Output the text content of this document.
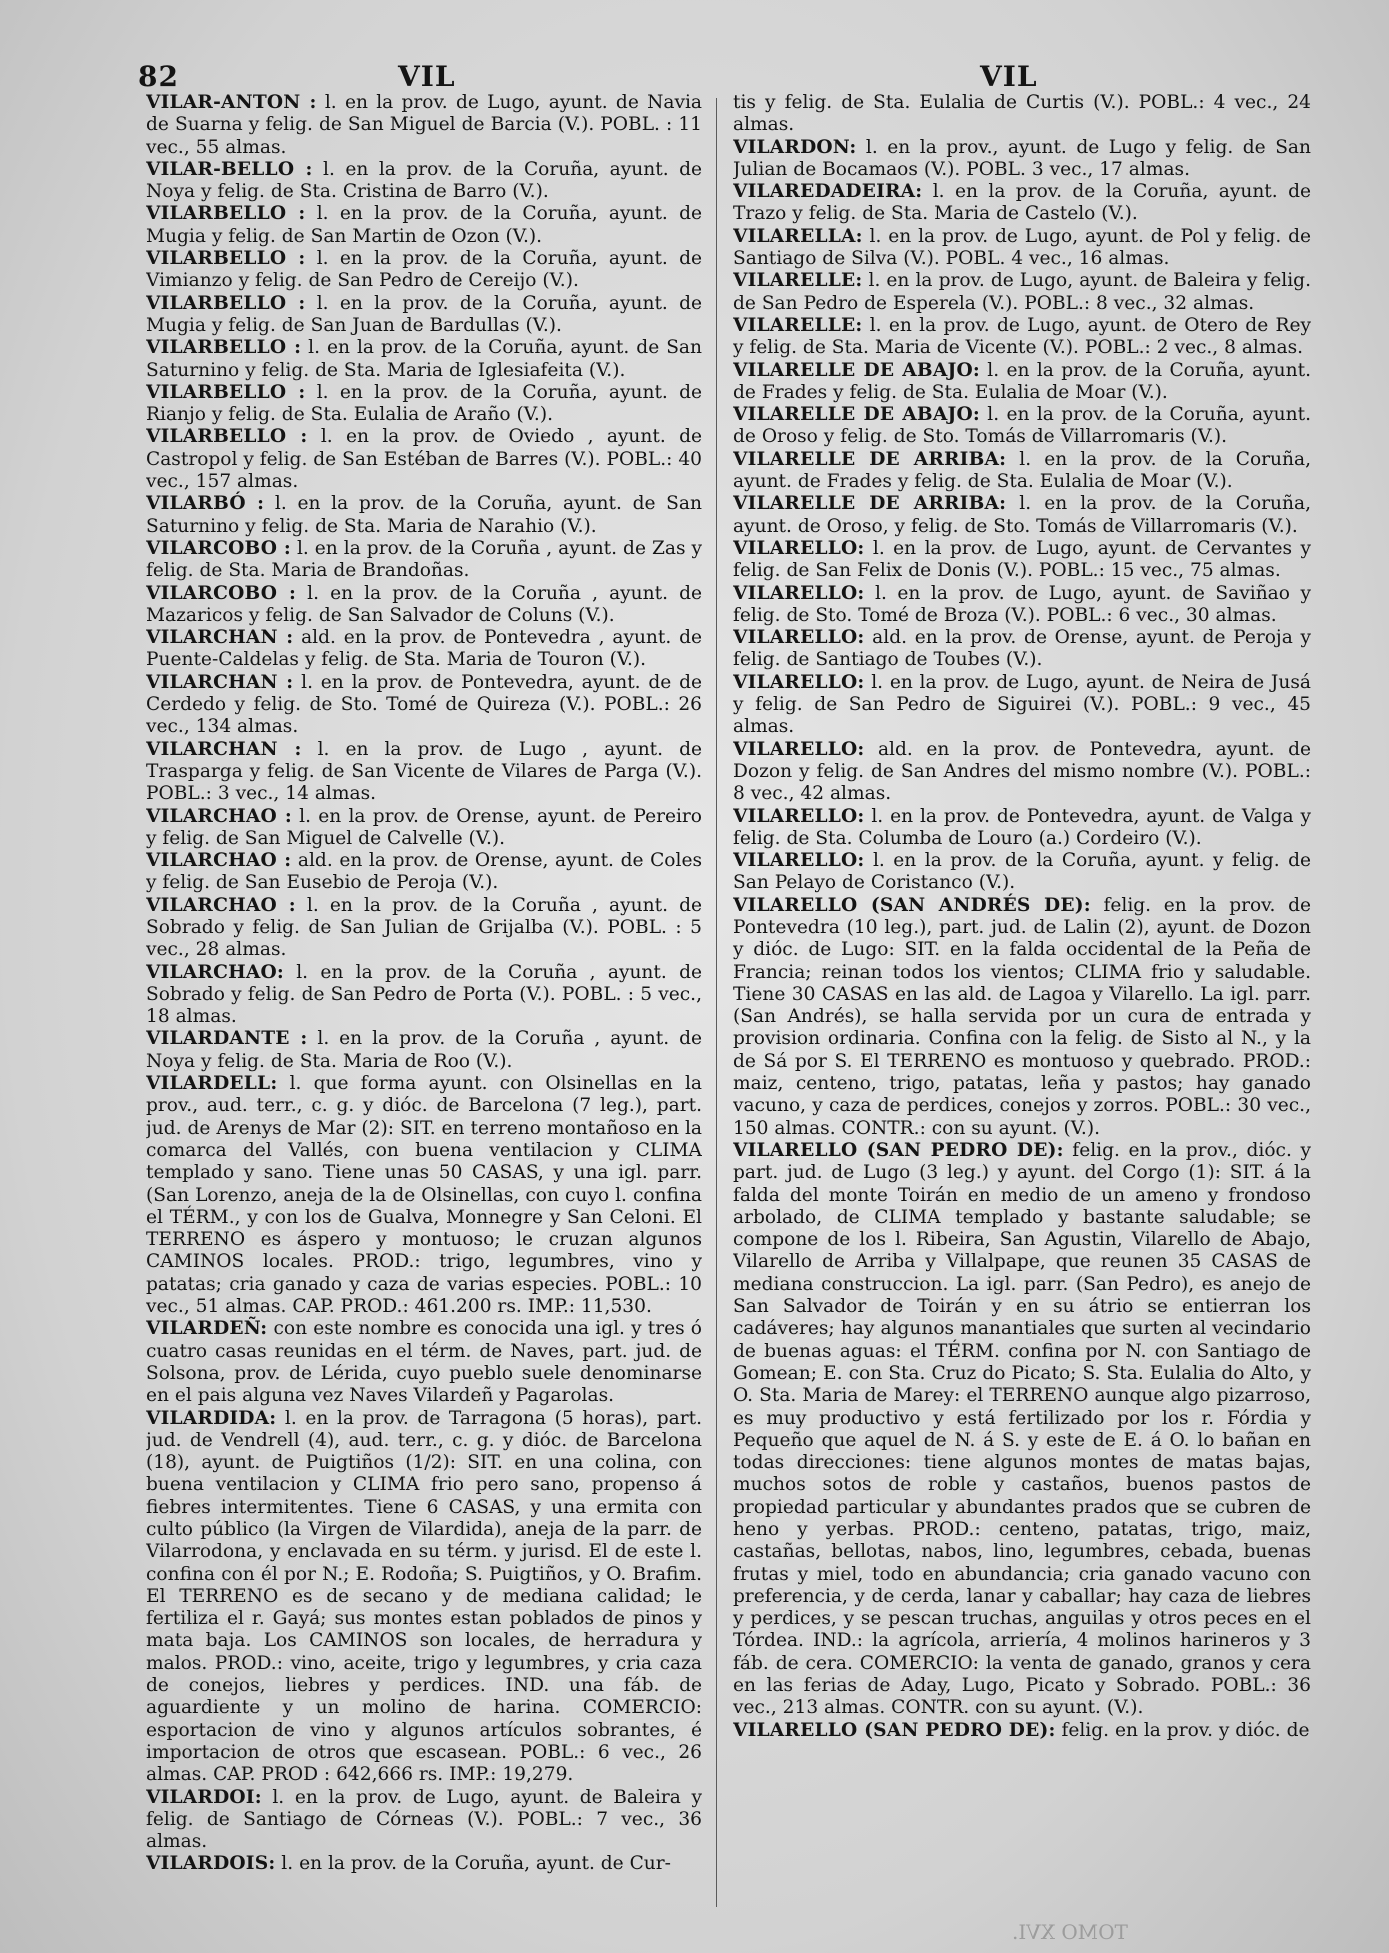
82	VIL	VIL

VILAR-ANTON : l. en la prov. de Lugo, ayunt. de Navia de Suarna y felig. de San Miguel de Barcia (V.). POBL. : 11 vec., 55 almas.

VILAR-BELLO : l. en la prov. de la Coruña, ayunt. de Noya y felig. de Sta. Cristina de Barro (V.).

VILARBELLO : l. en la prov. de la Coruña, ayunt. de Mugia y felig. de San Martin de Ozon (V.).

VILARBELLO : l. en la prov. de la Coruña, ayunt. de Vimianzo y felig. de San Pedro de Cereijo (V.).

VILARBELLO : l. en la prov. de la Coruña, ayunt. de Mugia y felig. de San Juan de Bardullas (V.).

VILARBELLO : l. en la prov. de la Coruña, ayunt. de San Saturnino y felig. de Sta. Maria de Iglesiafeita (V.).

VILARBELLO : l. en la prov. de la Coruña, ayunt. de Rianjo y felig. de Sta. Eulalia de Araño (V.).

VILARBELLO : l. en la prov. de Oviedo , ayunt. de Castropol y felig. de San Estéban de Barres (V.). POBL.: 40 vec., 157 almas.

VILARBÓ : l. en la prov. de la Coruña, ayunt. de San Saturnino y felig. de Sta. Maria de Narahio (V.).

VILARCOBO : l. en la prov. de la Coruña , ayunt. de Zas y felig. de Sta. Maria de Brandoñas.

VILARCOBO : l. en la prov. de la Coruña , ayunt. de Mazaricos y felig. de San Salvador de Coluns (V.).

VILARCHAN : ald. en la prov. de Pontevedra , ayunt. de Puente-Caldelas y felig. de Sta. Maria de Touron (V.).

VILARCHAN : l. en la prov. de Pontevedra, ayunt. de de Cerdedo y felig. de Sto. Tomé de Quireza (V.). POBL.: 26 vec., 134 almas.

VILARCHAN : l. en la prov. de Lugo , ayunt. de Trasparga y felig. de San Vicente de Vilares de Parga (V.). POBL.: 3 vec., 14 almas.

VILARCHAO : l. en la prov. de Orense, ayunt. de Pereiro y felig. de San Miguel de Calvelle (V.).

VILARCHAO : ald. en la prov. de Orense, ayunt. de Coles y felig. de San Eusebio de Peroja (V.).

VILARCHAO : l. en la prov. de la Coruña , ayunt. de Sobrado y felig. de San Julian de Grijalba (V.). POBL. : 5 vec., 28 almas.

VILARCHAO: l. en la prov. de la Coruña , ayunt. de Sobrado y felig. de San Pedro de Porta (V.). POBL. : 5 vec., 18 almas.

VILARDANTE : l. en la prov. de la Coruña , ayunt. de Noya y felig. de Sta. Maria de Roo (V.).

VILARDELL: l. que forma ayunt. con Olsinellas en la prov., aud. terr., c. g. y dióc. de Barcelona (7 leg.), part. jud. de Arenys de Mar (2): SIT. en terreno montañoso en la comarca del Vallés, con buena ventilacion y CLIMA templado y sano. Tiene unas 50 CASAS, y una igl. parr. (San Lorenzo, aneja de la de Olsinellas, con cuyo l. confina el TÉRM., y con los de Gualva, Monnegre y San Celoni. El TERRENO es áspero y montuoso; le cruzan algunos CAMINOS locales. PROD.: trigo, legumbres, vino y patatas; cria ganado y caza de varias especies. POBL.: 10 vec., 51 almas. CAP. PROD.: 461.200 rs. IMP.: 11,530.

VILARDEÑ: con este nombre es conocida una igl. y tres ó cuatro casas reunidas en el térm. de Naves, part. jud. de Solsona, prov. de Lérida, cuyo pueblo suele denominarse en el pais alguna vez Naves Vilardeñ y Pagarolas.

VILARDIDA: l. en la prov. de Tarragona (5 horas), part. jud. de Vendrell (4), aud. terr., c. g. y dióc. de Barcelona (18), ayunt. de Puigtiños (1/2): SIT. en una colina, con buena ventilacion y CLIMA frio pero sano, propenso á fiebres intermitentes. Tiene 6 CASAS, y una ermita con culto público (la Virgen de Vilardida), aneja de la parr. de Vilarrodona, y enclavada en su térm. y jurisd. El de este l. confina con él por N.; E. Rodoña; S. Puigtiños, y O. Brafim. El TERRENO es de secano y de mediana calidad; le fertiliza el r. Gayá; sus montes estan poblados de pinos y mata baja. Los CAMINOS son locales, de herradura y malos. PROD.: vino, aceite, trigo y legumbres, y cria caza de conejos, liebres y perdices. IND. una fáb. de aguardiente y un molino de harina. COMERCIO: esportacion de vino y algunos artículos sobrantes, é importacion de otros que escasean. POBL.: 6 vec., 26 almas. CAP. PROD : 642,666 rs. IMP.: 19,279.

VILARDOI: l. en la prov. de Lugo, ayunt. de Baleira y felig. de Santiago de Córneas (V.). POBL.: 7 vec., 36 almas.

VILARDOIS: l. en la prov. de la Coruña, ayunt. de Cur-

tis y felig. de Sta. Eulalia de Curtis (V.). POBL.: 4 vec., 24 almas.

VILARDON: l. en la prov., ayunt. de Lugo y felig. de San Julian de Bocamaos (V.). POBL. 3 vec., 17 almas.

VILAREDADEIRA: l. en la prov. de la Coruña, ayunt. de Trazo y felig. de Sta. Maria de Castelo (V.).

VILARELLA: l. en la prov. de Lugo, ayunt. de Pol y felig. de Santiago de Silva (V.). POBL. 4 vec., 16 almas.

VILARELLE: l. en la prov. de Lugo, ayunt. de Baleira y felig. de San Pedro de Esperela (V.). POBL.: 8 vec., 32 almas.

VILARELLE: l. en la prov. de Lugo, ayunt. de Otero de Rey y felig. de Sta. Maria de Vicente (V.). POBL.: 2 vec., 8 almas.

VILARELLE DE ABAJO: l. en la prov. de la Coruña, ayunt. de Frades y felig. de Sta. Eulalia de Moar (V.).

VILARELLE DE ABAJO: l. en la prov. de la Coruña, ayunt. de Oroso y felig. de Sto. Tomás de Villarromaris (V.).

VILARELLE DE ARRIBA: l. en la prov. de la Coruña, ayunt. de Frades y felig. de Sta. Eulalia de Moar (V.).

VILARELLE DE ARRIBA: l. en la prov. de la Coruña, ayunt. de Oroso, y felig. de Sto. Tomás de Villarromaris (V.).

VILARELLO: l. en la prov. de Lugo, ayunt. de Cervantes y felig. de San Felix de Donis (V.). POBL.: 15 vec., 75 almas.

VILARELLO: l. en la prov. de Lugo, ayunt. de Saviñao y felig. de Sto. Tomé de Broza (V.). POBL.: 6 vec., 30 almas.

VILARELLO: ald. en la prov. de Orense, ayunt. de Peroja y felig. de Santiago de Toubes (V.).

VILARELLO: l. en la prov. de Lugo, ayunt. de Neira de Jusá y felig. de San Pedro de Siguirei (V.). POBL.: 9 vec., 45 almas.

VILARELLO: ald. en la prov. de Pontevedra, ayunt. de Dozon y felig. de San Andres del mismo nombre (V.). POBL.: 8 vec., 42 almas.

VILARELLO: l. en la prov. de Pontevedra, ayunt. de Valga y felig. de Sta. Columba de Louro (a.) Cordeiro (V.).

VILARELLO: l. en la prov. de la Coruña, ayunt. y felig. de San Pelayo de Coristanco (V.).

VILARELLO (SAN ANDRÉS DE): felig. en la prov. de Pontevedra (10 leg.), part. jud. de Lalin (2), ayunt. de Dozon y dióc. de Lugo: SIT. en la falda occidental de la Peña de Francia; reinan todos los vientos; CLIMA frio y saludable. Tiene 30 CASAS en las ald. de Lagoa y Vilarello. La igl. parr. (San Andrés), se halla servida por un cura de entrada y provision ordinaria. Confina con la felig. de Sisto al N., y la de Sá por S. El TERRENO es montuoso y quebrado. PROD.: maiz, centeno, trigo, patatas, leña y pastos; hay ganado vacuno, y caza de perdices, conejos y zorros. POBL.: 30 vec., 150 almas. CONTR.: con su ayunt. (V.).

VILARELLO (SAN PEDRO DE): felig. en la prov., dióc. y part. jud. de Lugo (3 leg.) y ayunt. del Corgo (1): SIT. á la falda del monte Toirán en medio de un ameno y frondoso arbolado, de CLIMA templado y bastante saludable; se compone de los l. Ribeira, San Agustin, Vilarello de Abajo, Vilarello de Arriba y Villalpape, que reunen 35 CASAS de mediana construccion. La igl. parr. (San Pedro), es anejo de San Salvador de Toirán y en su átrio se entierran los cadáveres; hay algunos manantiales que surten al vecindario de buenas aguas: el TÉRM. confina por N. con Santiago de Gomean; E. con Sta. Cruz do Picato; S. Sta. Eulalia do Alto, y O. Sta. Maria de Marey: el TERRENO aunque algo pizarroso, es muy productivo y está fertilizado por los r. Fórdia y Pequeño que aquel de N. á S. y este de E. á O. lo bañan en todas direcciones: tiene algunos montes de matas bajas, muchos sotos de roble y castaños, buenos pastos de propiedad particular y abundantes prados que se cubren de heno y yerbas. PROD.: centeno, patatas, trigo, maiz, castañas, bellotas, nabos, lino, legumbres, cebada, buenas frutas y miel, todo en abundancia; cria ganado vacuno con preferencia, y de cerda, lanar y caballar; hay caza de liebres y perdices, y se pescan truchas, anguilas y otros peces en el Tórdea. IND.: la agrícola, arriería, 4 molinos harineros y 3 fáb. de cera. COMERCIO: la venta de ganado, granos y cera en las ferias de Aday, Lugo, Picato y Sobrado. POBL.: 36 vec., 213 almas. CONTR. con su ayunt. (V.).

VILARELLO (SAN PEDRO DE): felig. en la prov. y dióc. de

TOMO XVI.
